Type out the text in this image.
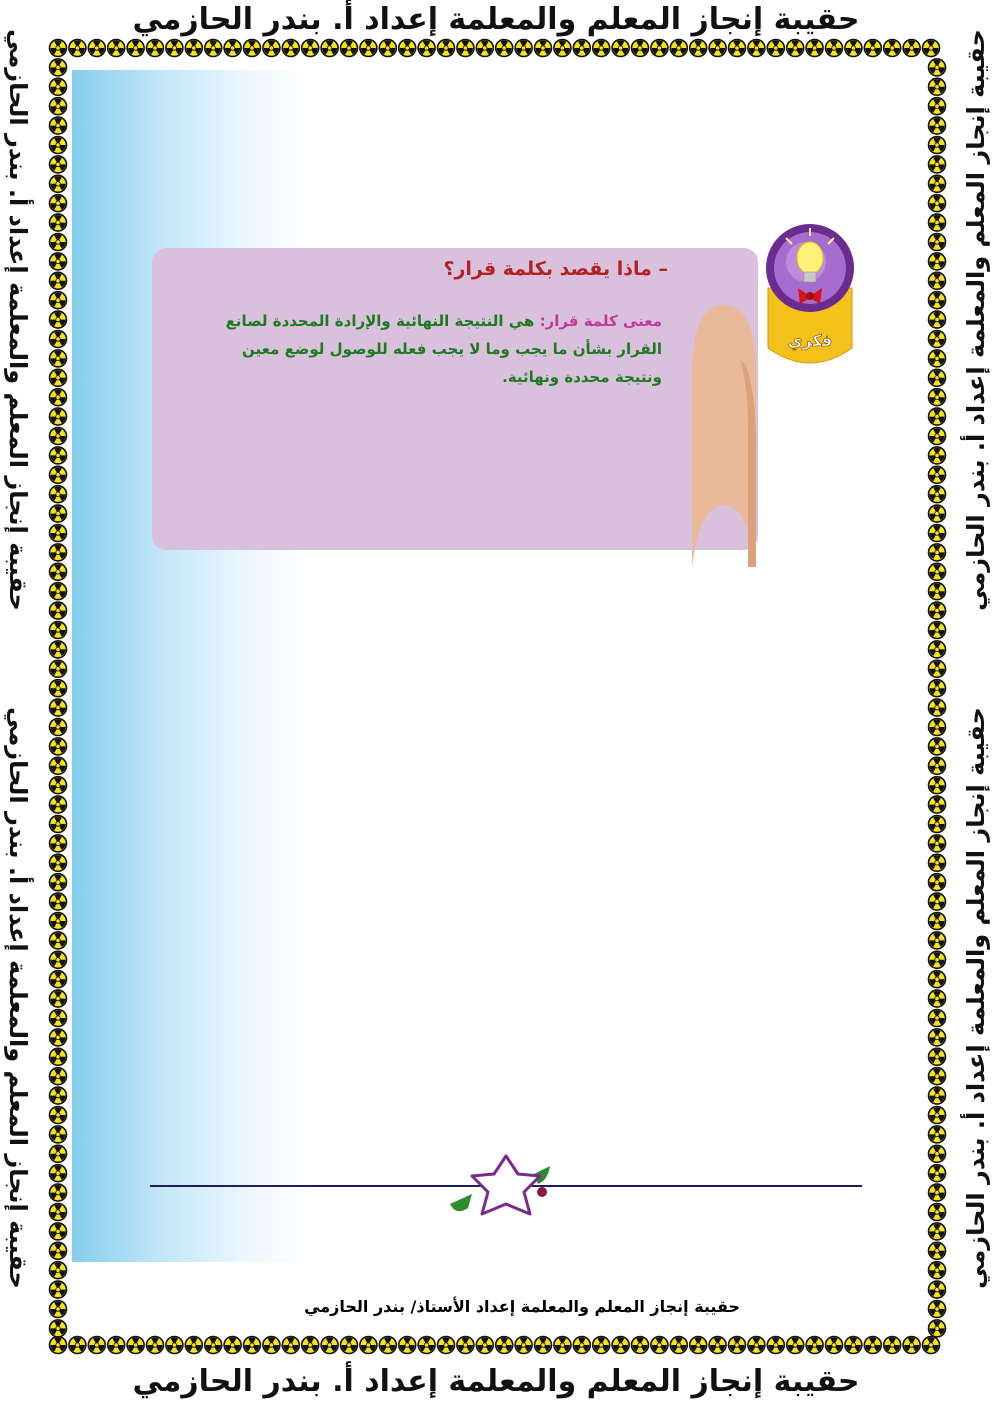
حقيبة إنجاز المعلم والمعلمة إعداد أ. بندر الحازمي
حقيبة إنجاز المعلم والمعلمة إعداد أ. بندر الحازمي
حقيبة إنجاز المعلم والمعلمة إعداد أ. بندر الحازمي
حقيبة إنجاز المعلم والمعلمة إعداد أ. بندر الحازمي
حقيبة إنجاز المعلم والمعلمة إعداد أ. بندر الحازمي
حقيبة إنجاز المعلم والمعلمة إعداد أ. بندر الحازمي
– ماذا يقصد بكلمة قرار؟
معنى كلمة قرار: هي النتيجة النهائية والإرادة المحددة لصانع القرار بشأن ما يجب وما لا يجب فعله للوصول لوضع معين ونتيجة محددة ونهائية.
فكري
حقيبة إنجاز المعلم والمعلمة إعداد الأستاذ/ بندر الحازمي
